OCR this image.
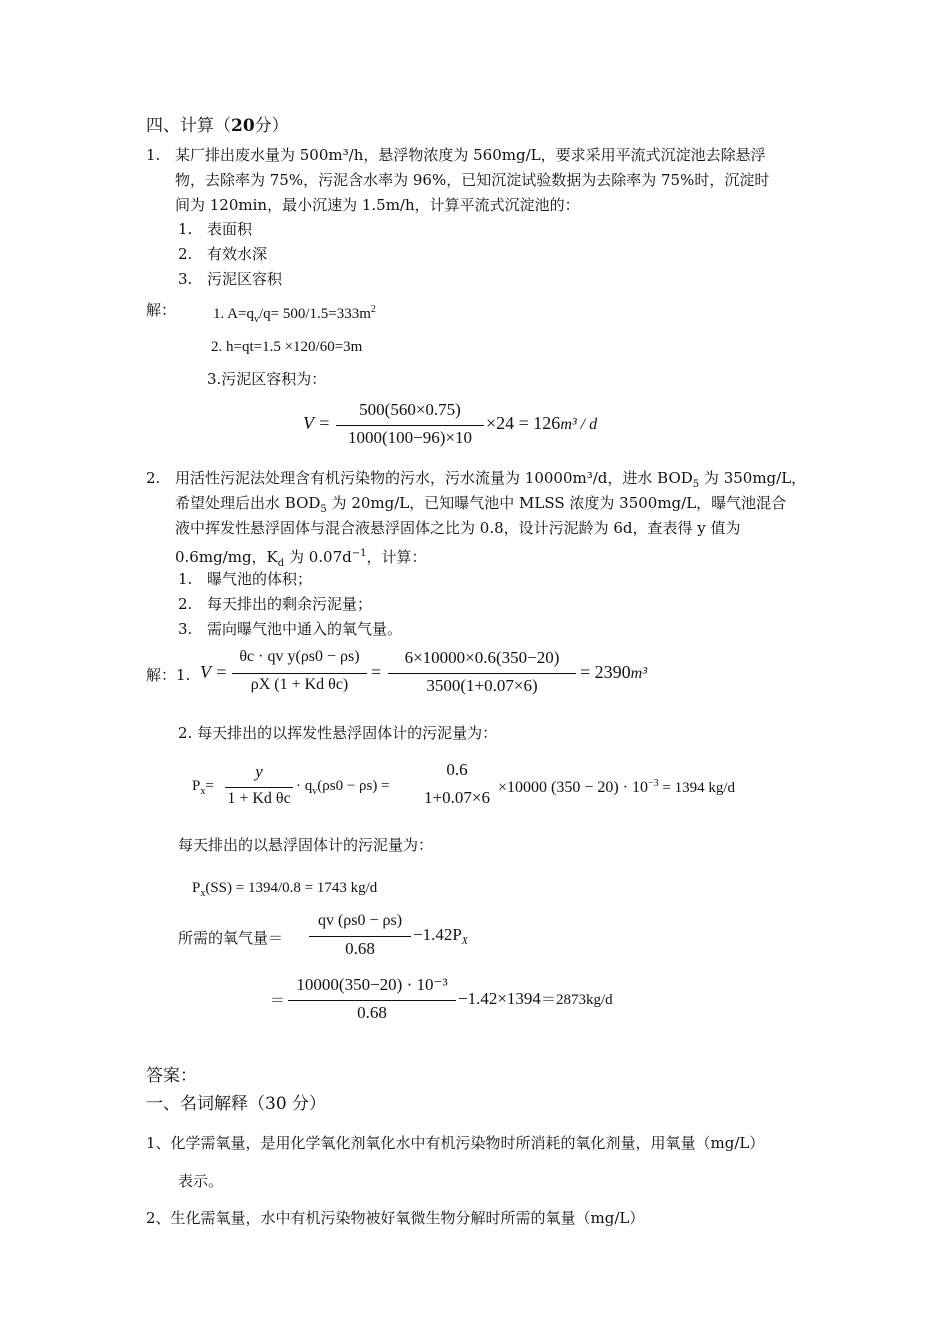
四、计算（20分）
1. 某厂排出废水量为 500m³/h，悬浮物浓度为 560mg/L，要求采用平流式沉淀池去除悬浮
物，去除率为 75%，污泥含水率为 96%，已知沉淀试验数据为去除率为 75%时，沉淀时
间为 120min，最小沉速为 1.5m/h，计算平流式沉淀池的：
1. 表面积
2. 有效水深
3. 污泥区容积
解： 1. $A=q_v/q= 500/1.5=333m^2$
2. h=qt=1.5 ×120/60=3m
3.污泥区容积为：
V =
500(560×0.75)
1000(100−96)×10
×24 = 126m³ / d
2. 用活性污泥法处理含有机污染物的污水，污水流量为 10000m³/d，进水 $BOD_5$ 为 350mg/L，
希望处理后出水 $BOD_5$ 为 20mg/L，已知曝气池中 MLSS 浓度为 3500mg/L，曝气池混合
液中挥发性悬浮固体与混合液悬浮固体之比为 0.8，设计污泥龄为 6d，查表得 y 值为
0.6mg/mg，$K_d$ 为 $0.07d^{-1}$，计算：
1. 曝气池的体积；
2. 每天排出的剩余污泥量；
3. 需向曝气池中通入的氧气量。
解：1. V =
θc · qv y(ρs0 − ρs)
ρX (1 + Kd θc)
=
6×10000×0.6(350−20)
3500(1+0.07×6)
= 2390m³
2. 每天排出的以挥发性悬浮固体计的污泥量为：
$P_x=$
y
1 + Kd θc
· $q_v(\rho s0 - \rho s)$ =
0.6
1+0.07×6
×10000 $(350 - 20) \cdot 10^{-3} = 1394$ kg/d
每天排出的以悬浮固体计的污泥量为：
$P_x(SS) = 1394/0.8 = 1743$ kg/d
所需的氧气量＝
qv (ρs0 − ρs)
0.68
$-1.42P_X$
＝
10000(350−20) · 10⁻³
0.68
−1.42×1394＝2873kg/d
答案：
一、名词解释（30 分）
1、化学需氧量，是用化学氧化剂氧化水中有机污染物时所消耗的氧化剂量，用氧量（mg/L）
表示。
2、生化需氧量，水中有机污染物被好氧微生物分解时所需的氧量（mg/L）
